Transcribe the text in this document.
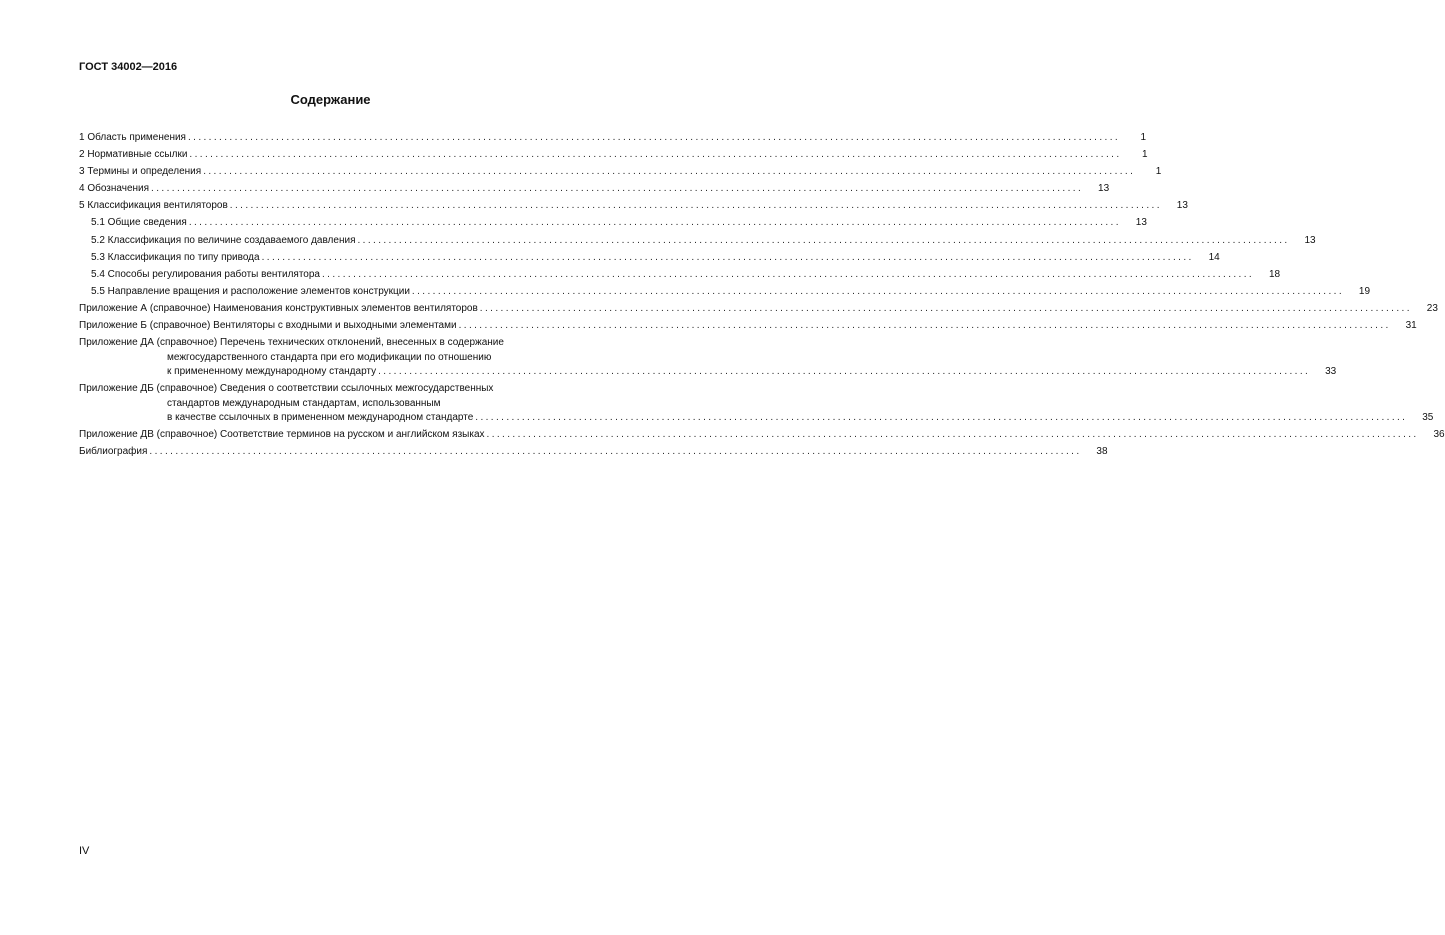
ГОСТ 34002—2016
Содержание
1 Область применения ....................................................................................................................................................................................	1
2 Нормативные ссылки ....................................................................................................................................................................................	1
3 Термины и определения ....................................................................................................................................................................................	1
4 Обозначения ....................................................................................................................................................................................	13
5 Классификация вентиляторов ....................................................................................................................................................................................	13
5.1 Общие сведения ....................................................................................................................................................................................	13
5.2 Классификация по величине создаваемого давления ....................................................................................................................................................................................	13
5.3 Классификация по типу привода ....................................................................................................................................................................................	14
5.4 Способы регулирования работы вентилятора ....................................................................................................................................................................................	18
5.5 Направление вращения и расположение элементов конструкции ....................................................................................................................................................................................	19
Приложение А (справочное) Наименования конструктивных элементов вентиляторов ....................................................................................................................................................................................	23
Приложение Б (справочное) Вентиляторы с входными и выходными элементами ....................................................................................................................................................................................	31
Приложение ДА (справочное) Перечень технических отклонений, внесенных в содержание
межгосударственного стандарта при его модификации по отношению
к примененному международному стандарту ....................................................................................................................................................................................	33
Приложение ДБ (справочное) Сведения о соответствии ссылочных межгосударственных
стандартов международным стандартам, использованным
в качестве ссылочных в примененном международном стандарте ....................................................................................................................................................................................	35
Приложение ДВ (справочное) Соответствие терминов на русском и английском языках ....................................................................................................................................................................................	36
Библиография ....................................................................................................................................................................................	38
IV
